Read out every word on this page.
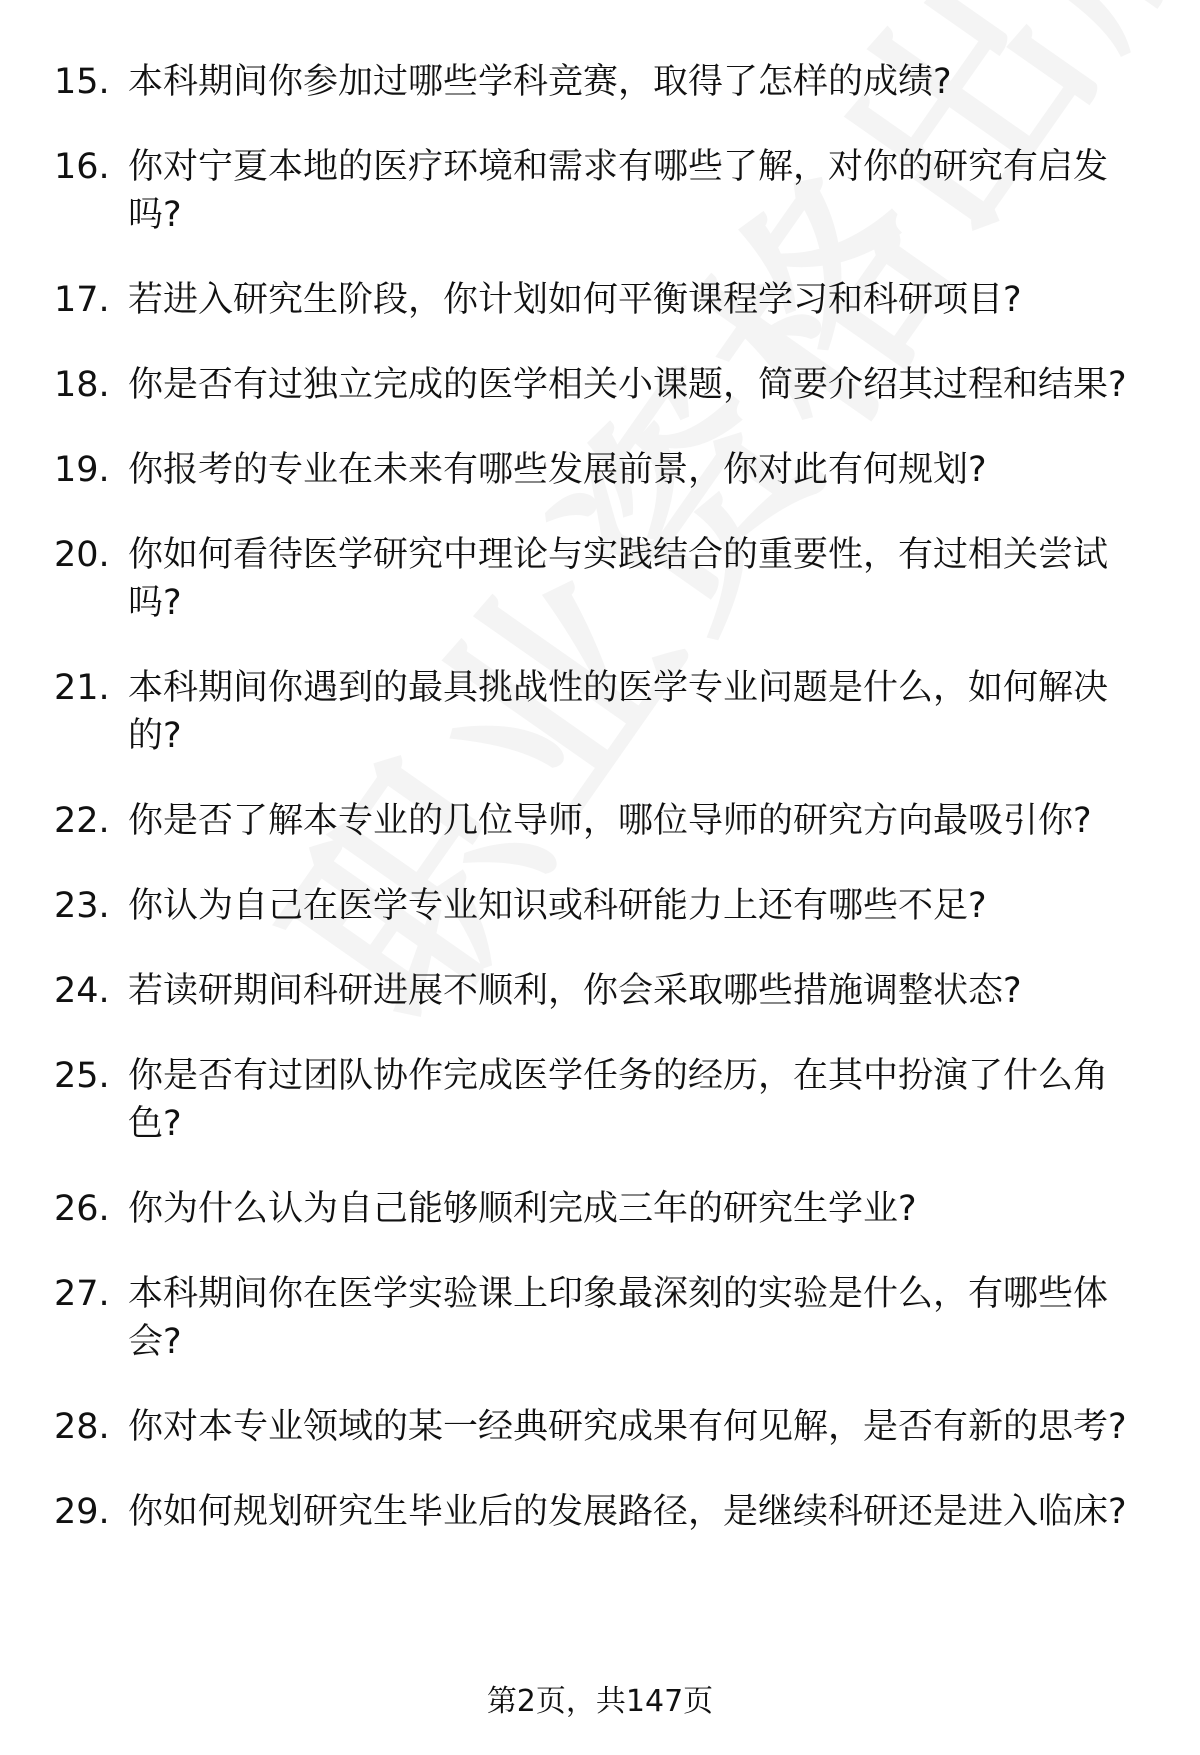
15. 本科期间你参加过哪些学科竞赛，取得了怎样的成绩?
16. 你对宁夏本地的医疗环境和需求有哪些了解，对你的研究有启发吗?
17. 若进入研究生阶段，你计划如何平衡课程学习和科研项目?
18. 你是否有过独立完成的医学相关小课题，简要介绍其过程和结果?
19. 你报考的专业在未来有哪些发展前景，你对此有何规划?
20. 你如何看待医学研究中理论与实践结合的重要性，有过相关尝试吗?
21. 本科期间你遇到的最具挑战性的医学专业问题是什么，如何解决的?
22. 你是否了解本专业的几位导师，哪位导师的研究方向最吸引你?
23. 你认为自己在医学专业知识或科研能力上还有哪些不足?
24. 若读研期间科研进展不顺利，你会采取哪些措施调整状态?
25. 你是否有过团队协作完成医学任务的经历，在其中扮演了什么角色?
26. 你为什么认为自己能够顺利完成三年的研究生学业?
27. 本科期间你在医学实验课上印象最深刻的实验是什么，有哪些体会?
28. 你对本专业领域的某一经典研究成果有何见解，是否有新的思考?
29. 你如何规划研究生毕业后的发展路径，是继续科研还是进入临床?
第2页，共147页
